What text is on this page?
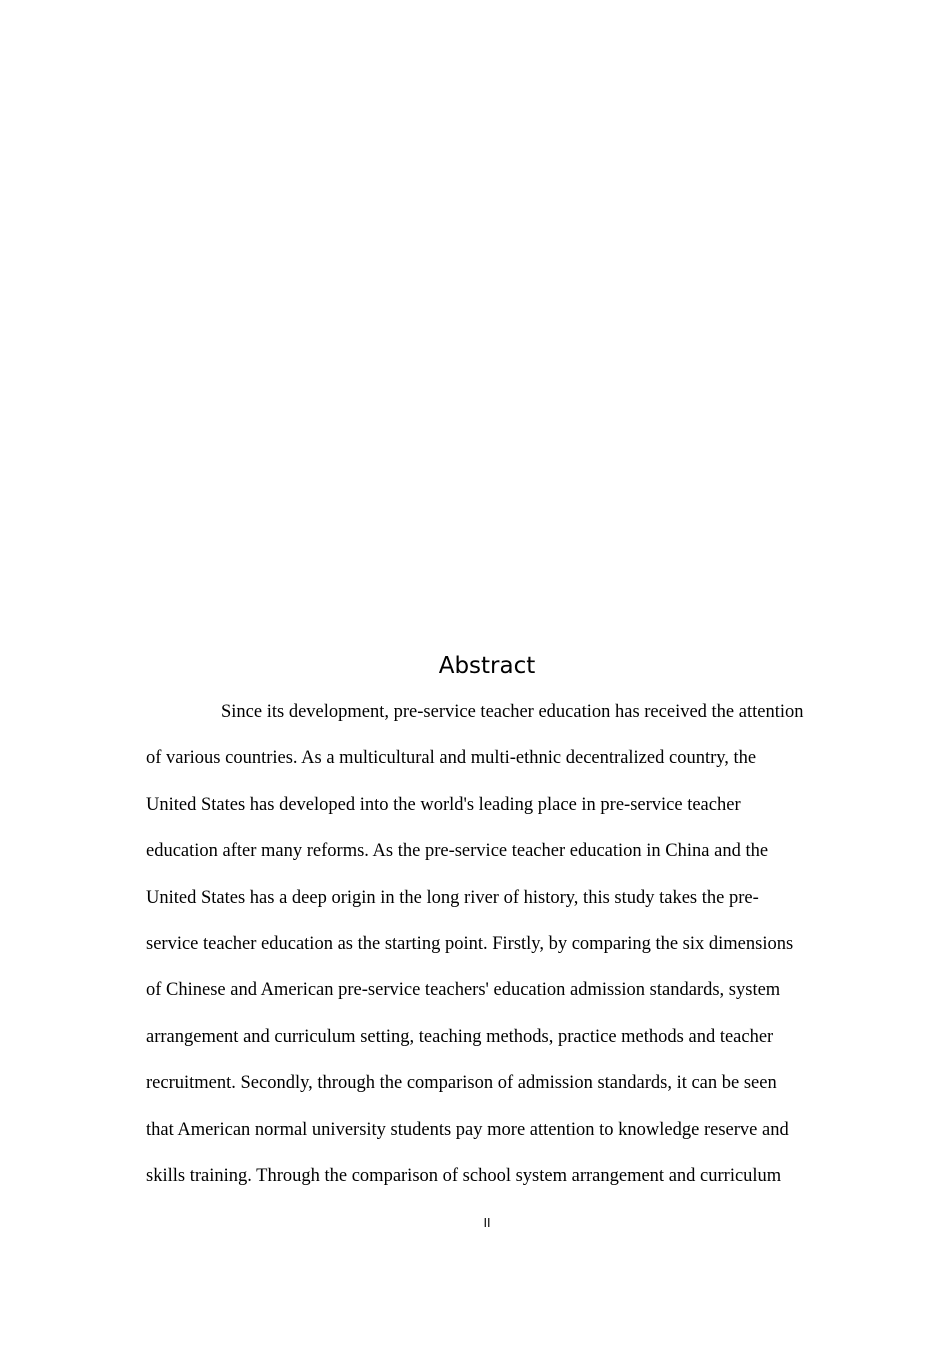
Abstract
Since its development, pre-service teacher education has received the attention
of various countries. As a multicultural and multi-ethnic decentralized country, the
United States has developed into the world's leading place in pre-service teacher
education after many reforms. As the pre-service teacher education in China and the
United States has a deep origin in the long river of history, this study takes the pre-
service teacher education as the starting point. Firstly, by comparing the six dimensions
of Chinese and American pre-service teachers' education admission standards, system
arrangement and curriculum setting, teaching methods, practice methods and teacher
recruitment. Secondly, through the comparison of admission standards, it can be seen
that American normal university students pay more attention to knowledge reserve and
skills training. Through the comparison of school system arrangement and curriculum
II
